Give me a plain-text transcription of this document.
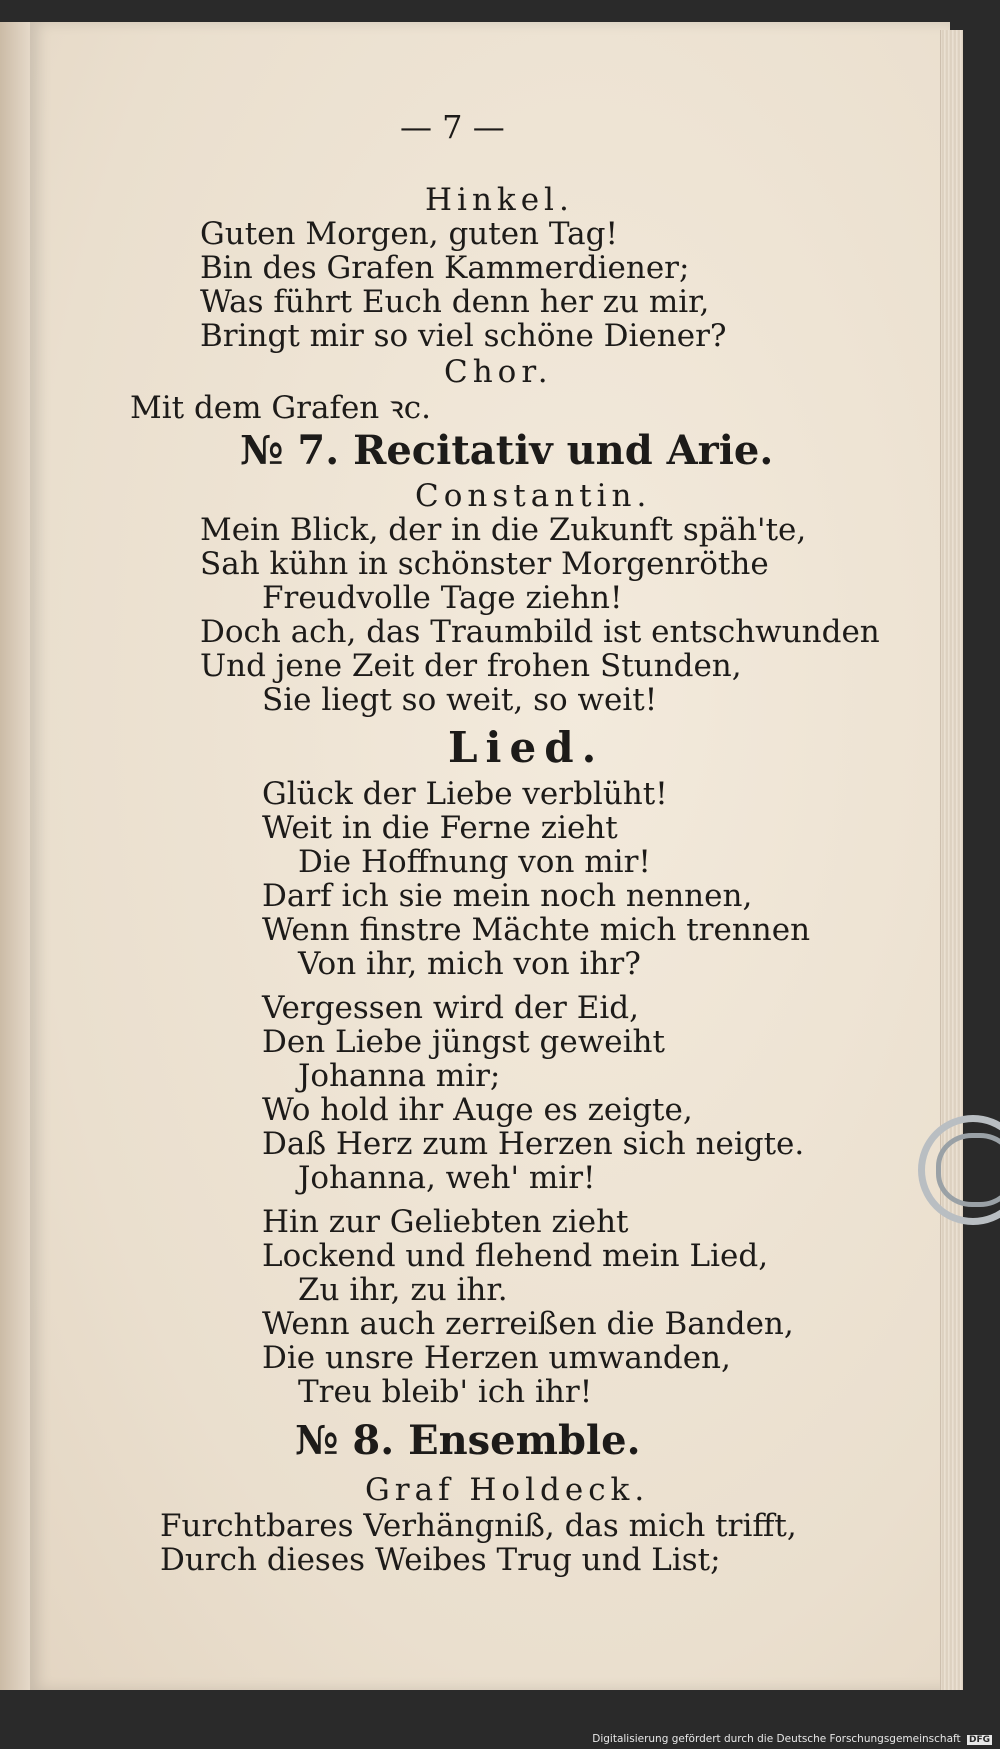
— 7 —
Hinkel.
Guten Morgen, guten Tag!
Bin des Grafen Kammerdiener;
Was führt Euch denn her zu mir,
Bringt mir so viel schöne Diener?
Chor.
Mit dem Grafen ꝛc.
№ 7. Recitativ und Arie.
Constantin.
Mein Blick, der in die Zukunft späh'te,
Sah kühn in schönster Morgenröthe
Freudvolle Tage ziehn!
Doch ach, das Traumbild ist entschwunden
Und jene Zeit der frohen Stunden,
Sie liegt so weit, so weit!
Lied.
Glück der Liebe verblüht!
Weit in die Ferne zieht
Die Hoffnung von mir!
Darf ich sie mein noch nennen,
Wenn finstre Mächte mich trennen
Von ihr, mich von ihr?
Vergessen wird der Eid,
Den Liebe jüngst geweiht
Johanna mir;
Wo hold ihr Auge es zeigte,
Daß Herz zum Herzen sich neigte.
Johanna, weh' mir!
Hin zur Geliebten zieht
Lockend und flehend mein Lied,
Zu ihr, zu ihr.
Wenn auch zerreißen die Banden,
Die unsre Herzen umwanden,
Treu bleib' ich ihr!
№ 8. Ensemble.
Graf Holdeck.
Furchtbares Verhängniß, das mich trifft,
Durch dieses Weibes Trug und List;
Digitalisierung gefördert durch die Deutsche Forschungsgemeinschaft DFG
